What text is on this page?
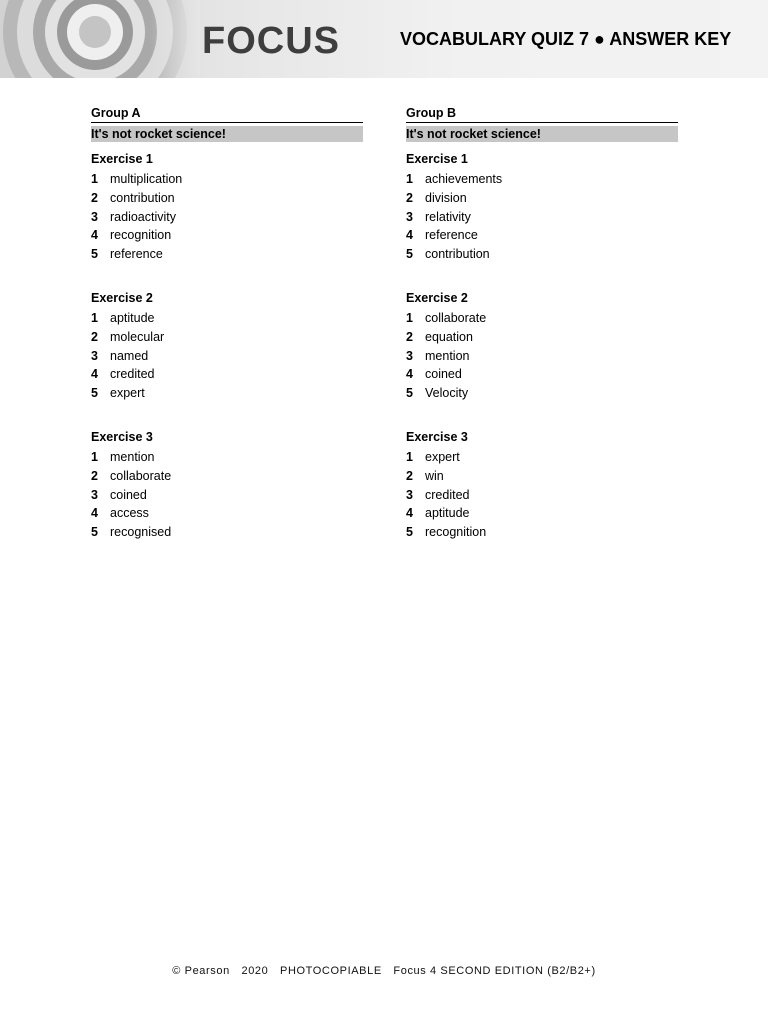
FOCUS	VOCABULARY QUIZ 7 ● ANSWER KEY
Group A
It's not rocket science!
Exercise 1
1 multiplication
2 contribution
3 radioactivity
4 recognition
5 reference
Exercise 2
1 aptitude
2 molecular
3 named
4 credited
5 expert
Exercise 3
1 mention
2 collaborate
3 coined
4 access
5 recognised
Group B
It's not rocket science!
Exercise 1
1 achievements
2 division
3 relativity
4 reference
5 contribution
Exercise 2
1 collaborate
2 equation
3 mention
4 coined
5 Velocity
Exercise 3
1 expert
2 win
3 credited
4 aptitude
5 recognition
© Pearson 2020 PHOTOCOPIABLE Focus 4 SECOND EDITION (B2/B2+)
